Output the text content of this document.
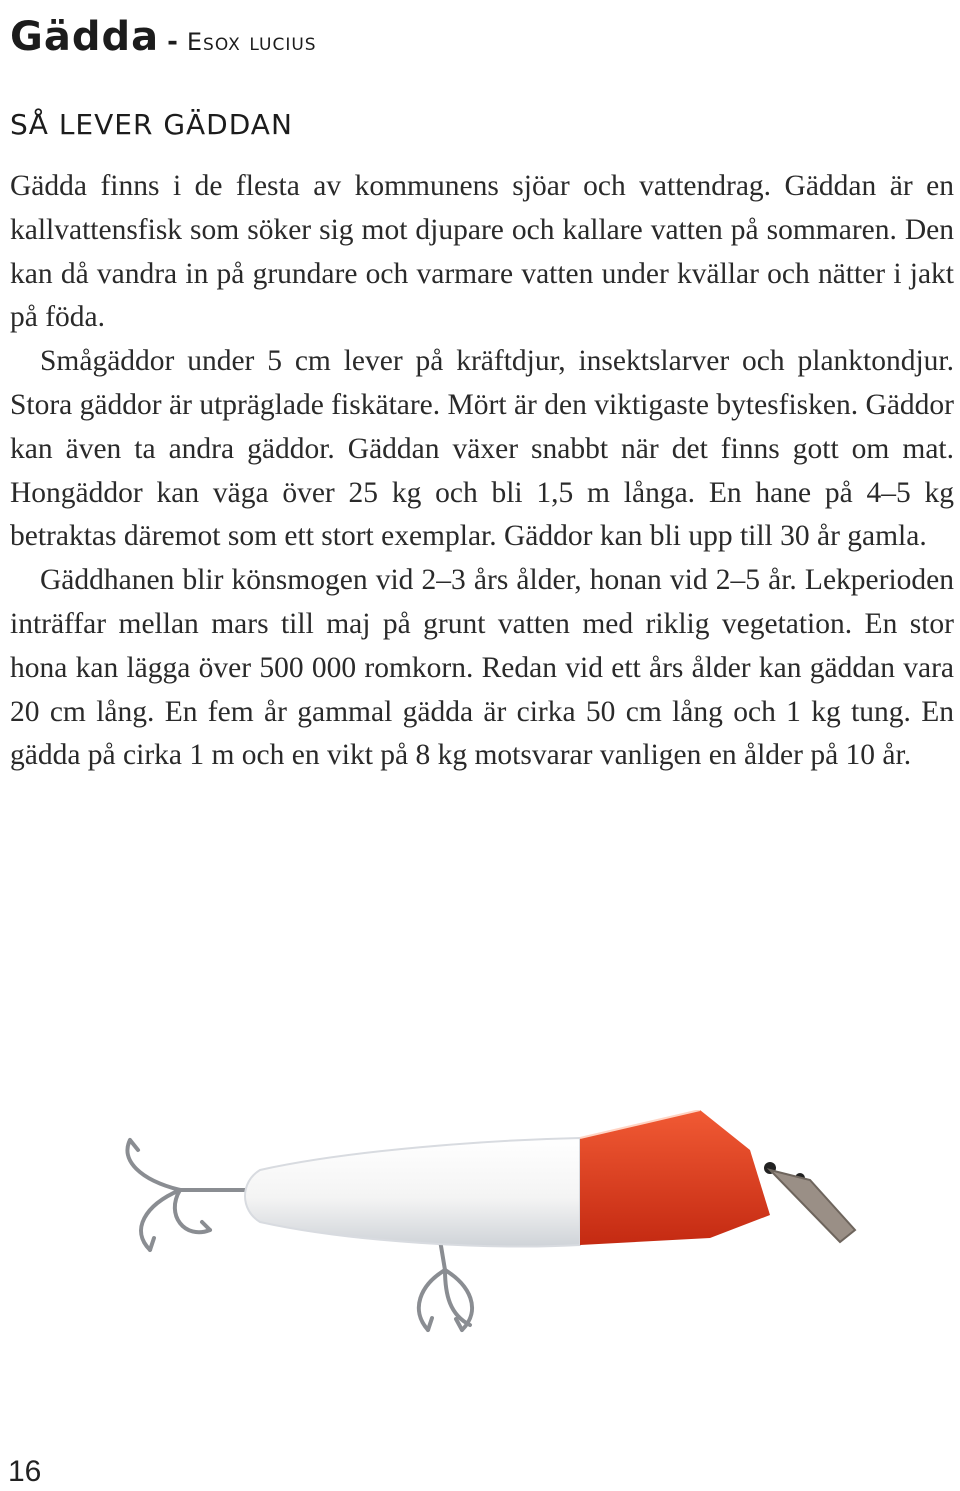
Gädda - Esox lucius
SÅ LEVER GÄDDAN

Gädda finns i de flesta av kommunens sjöar och vattendrag. Gäddan är en kallvattensfisk som söker sig mot djupare och kallare vatten på sommaren. Den kan då vandra in på grundare och varmare vatten under kvällar och nätter i jakt på föda.

Smågäddor under 5 cm lever på kräftdjur, insektslarver och planktondjur. Stora gäddor är utpräglade fiskätare. Mört är den viktigaste bytesfisken. Gäddor kan även ta andra gäddor. Gäddan växer snabbt när det finns gott om mat. Hongäddor kan väga över 25 kg och bli 1,5 m långa. En hane på 4–5 kg betraktas däremot som ett stort exemplar. Gäddor kan bli upp till 30 år gamla.

Gäddhanen blir könsmogen vid 2–3 års ålder, honan vid 2–5 år. Lekperioden inträffar mellan mars till maj på grunt vatten med riklig vegetation. En stor hona kan lägga över 500 000 romkorn. Redan vid ett års ålder kan gäddan vara 20 cm lång. En fem år gammal gädda är cirka 50 cm lång och 1 kg tung. En gädda på cirka 1 m och en vikt på 8 kg motsvarar vanligen en ålder på 10 år.

16
